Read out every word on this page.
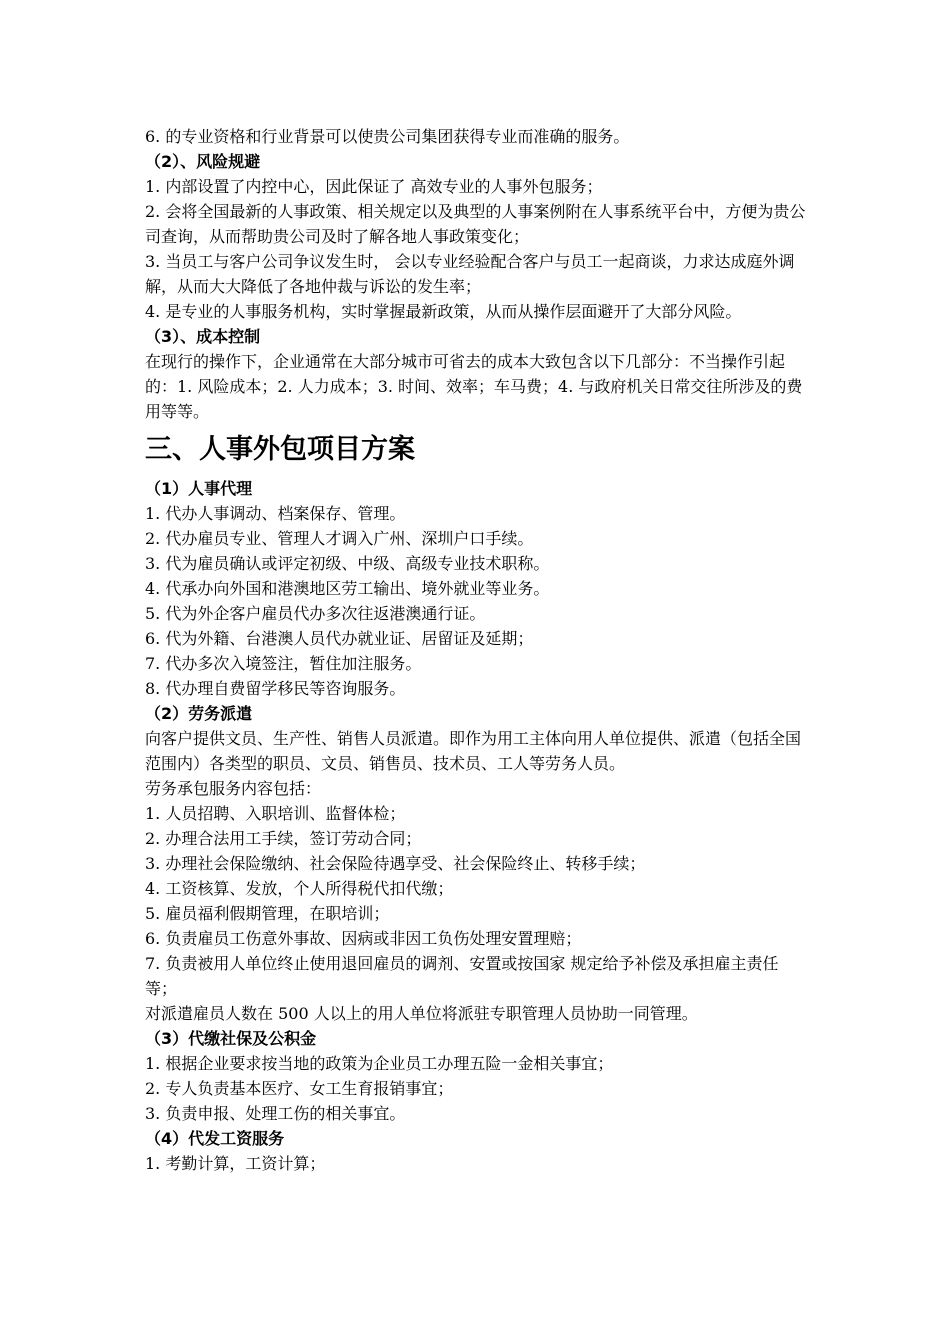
6. 的专业资格和行业背景可以使贵公司集团获得专业而准确的服务。

（2）、风险规避

1. 内部设置了内控中心，因此保证了 高效专业的人事外包服务；

2. 会将全国最新的人事政策、相关规定以及典型的人事案例附在人事系统平台中，方便为贵公司查询，从而帮助贵公司及时了解各地人事政策变化；

3. 当员工与客户公司争议发生时， 会以专业经验配合客户与员工一起商谈，力求达成庭外调解，从而大大降低了各地仲裁与诉讼的发生率；

4. 是专业的人事服务机构，实时掌握最新政策，从而从操作层面避开了大部分风险。

（3）、成本控制

在现行的操作下，企业通常在大部分城市可省去的成本大致包含以下几部分：不当操作引起的：1. 风险成本；2. 人力成本；3. 时间、效率；车马费；4. 与政府机关日常交往所涉及的费用等等。

三、人事外包项目方案

（1）人事代理

1. 代办人事调动、档案保存、管理。

2. 代办雇员专业、管理人才调入广州、深圳户口手续。

3. 代为雇员确认或评定初级、中级、高级专业技术职称。

4. 代承办向外国和港澳地区劳工输出、境外就业等业务。

5. 代为外企客户雇员代办多次往返港澳通行证。

6. 代为外籍、台港澳人员代办就业证、居留证及延期；

7. 代办多次入境签注，暂住加注服务。

8. 代办理自费留学移民等咨询服务。

（2）劳务派遣

向客户提供文员、生产性、销售人员派遣。即作为用工主体向用人单位提供、派遣（包括全国范围内）各类型的职员、文员、销售员、技术员、工人等劳务人员。

劳务承包服务内容包括：

1. 人员招聘、入职培训、监督体检；

2. 办理合法用工手续，签订劳动合同；

3. 办理社会保险缴纳、社会保险待遇享受、社会保险终止、转移手续；

4. 工资核算、发放，个人所得税代扣代缴；

5. 雇员福利假期管理，在职培训；

6. 负责雇员工伤意外事故、因病或非因工负伤处理安置理赔；

7. 负责被用人单位终止使用退回雇员的调剂、安置或按国家 规定给予补偿及承担雇主责任等；

对派遣雇员人数在 500 人以上的用人单位将派驻专职管理人员协助一同管理。

（3）代缴社保及公积金

1. 根据企业要求按当地的政策为企业员工办理五险一金相关事宜；

2. 专人负责基本医疗、女工生育报销事宜；

3. 负责申报、处理工伤的相关事宜。

（4）代发工资服务

1. 考勤计算，工资计算；
